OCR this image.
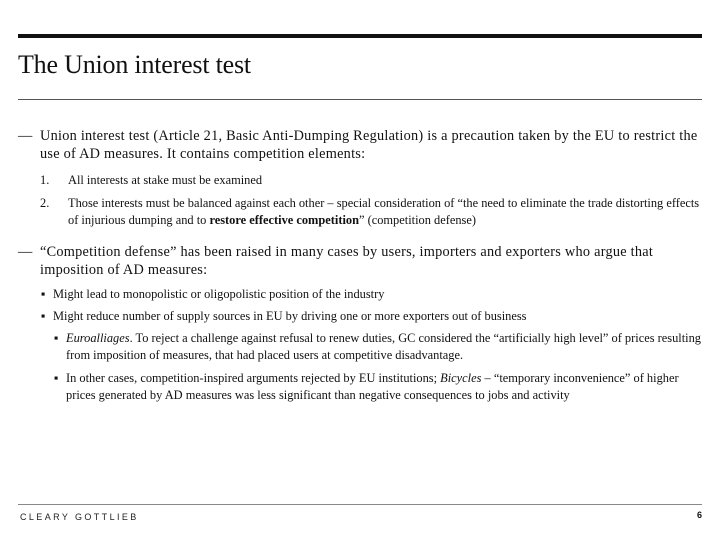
The Union interest test
— Union interest test (Article 21, Basic Anti-Dumping Regulation) is a precaution taken by the EU to restrict the use of AD measures. It contains competition elements:
1. All interests at stake must be examined
2. Those interests must be balanced against each other – special consideration of “the need to eliminate the trade distorting effects of injurious dumping and to restore effective competition” (competition defense)
— “Competition defense” has been raised in many cases by users, importers and exporters who argue that imposition of AD measures:
▪ Might lead to monopolistic or oligopolistic position of the industry
▪ Might reduce number of supply sources in EU by driving one or more exporters out of business
▪ Euroalliages. To reject a challenge against refusal to renew duties, GC considered the “artificially high level” of prices resulting from imposition of measures, that had placed users at competitive disadvantage.
▪ In other cases, competition-inspired arguments rejected by EU institutions; Bicycles – “temporary inconvenience” of higher prices generated by AD measures was less significant than negative consequences to jobs and activity
CLEARY GOTTLIEB	6
